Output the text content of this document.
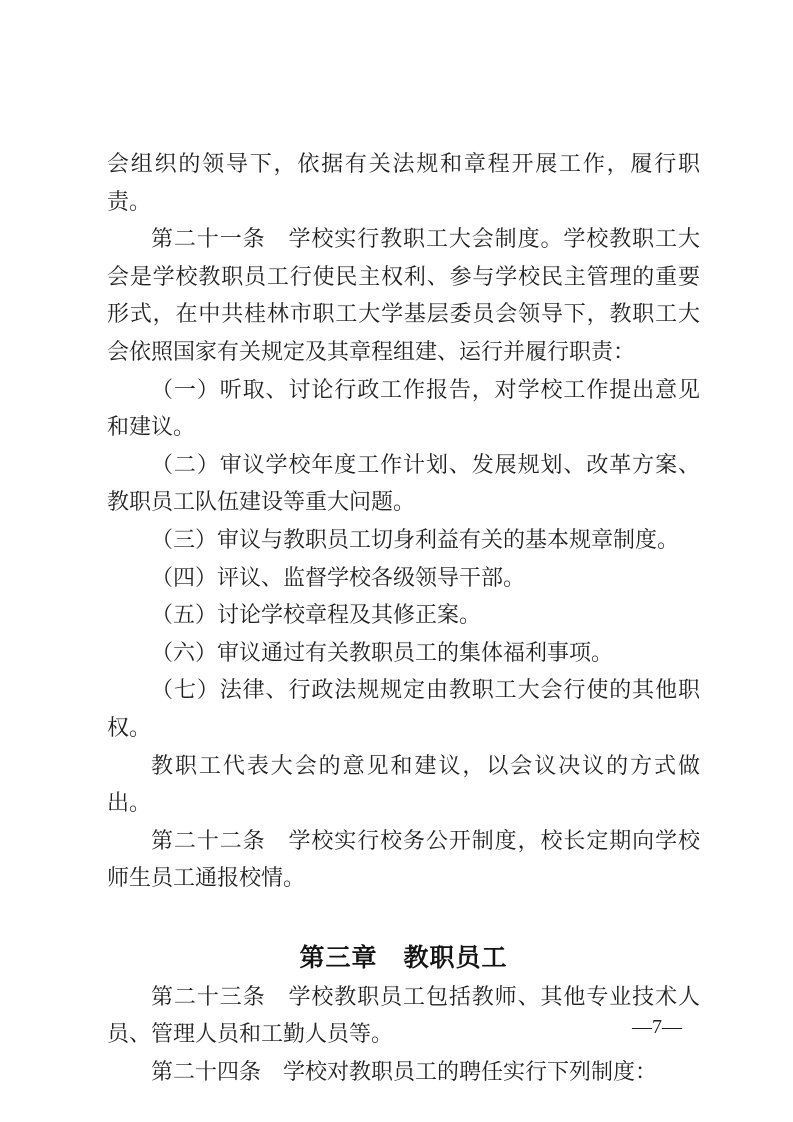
会组织的领导下，依据有关法规和章程开展工作，履行职责。

第二十一条　学校实行教职工大会制度。学校教职工大会是学校教职员工行使民主权利、参与学校民主管理的重要形式，在中共桂林市职工大学基层委员会领导下，教职工大会依照国家有关规定及其章程组建、运行并履行职责：

（一）听取、讨论行政工作报告，对学校工作提出意见和建议。

（二）审议学校年度工作计划、发展规划、改革方案、教职员工队伍建设等重大问题。

（三）审议与教职员工切身利益有关的基本规章制度。

（四）评议、监督学校各级领导干部。

（五）讨论学校章程及其修正案。

（六）审议通过有关教职员工的集体福利事项。

（七）法律、行政法规规定由教职工大会行使的其他职权。

教职工代表大会的意见和建议，以会议决议的方式做出。

第二十二条　学校实行校务公开制度，校长定期向学校师生员工通报校情。

第三章　教职员工

第二十三条　学校教职员工包括教师、其他专业技术人员、管理人员和工勤人员等。

第二十四条　学校对教职员工的聘任实行下列制度：

—7—
